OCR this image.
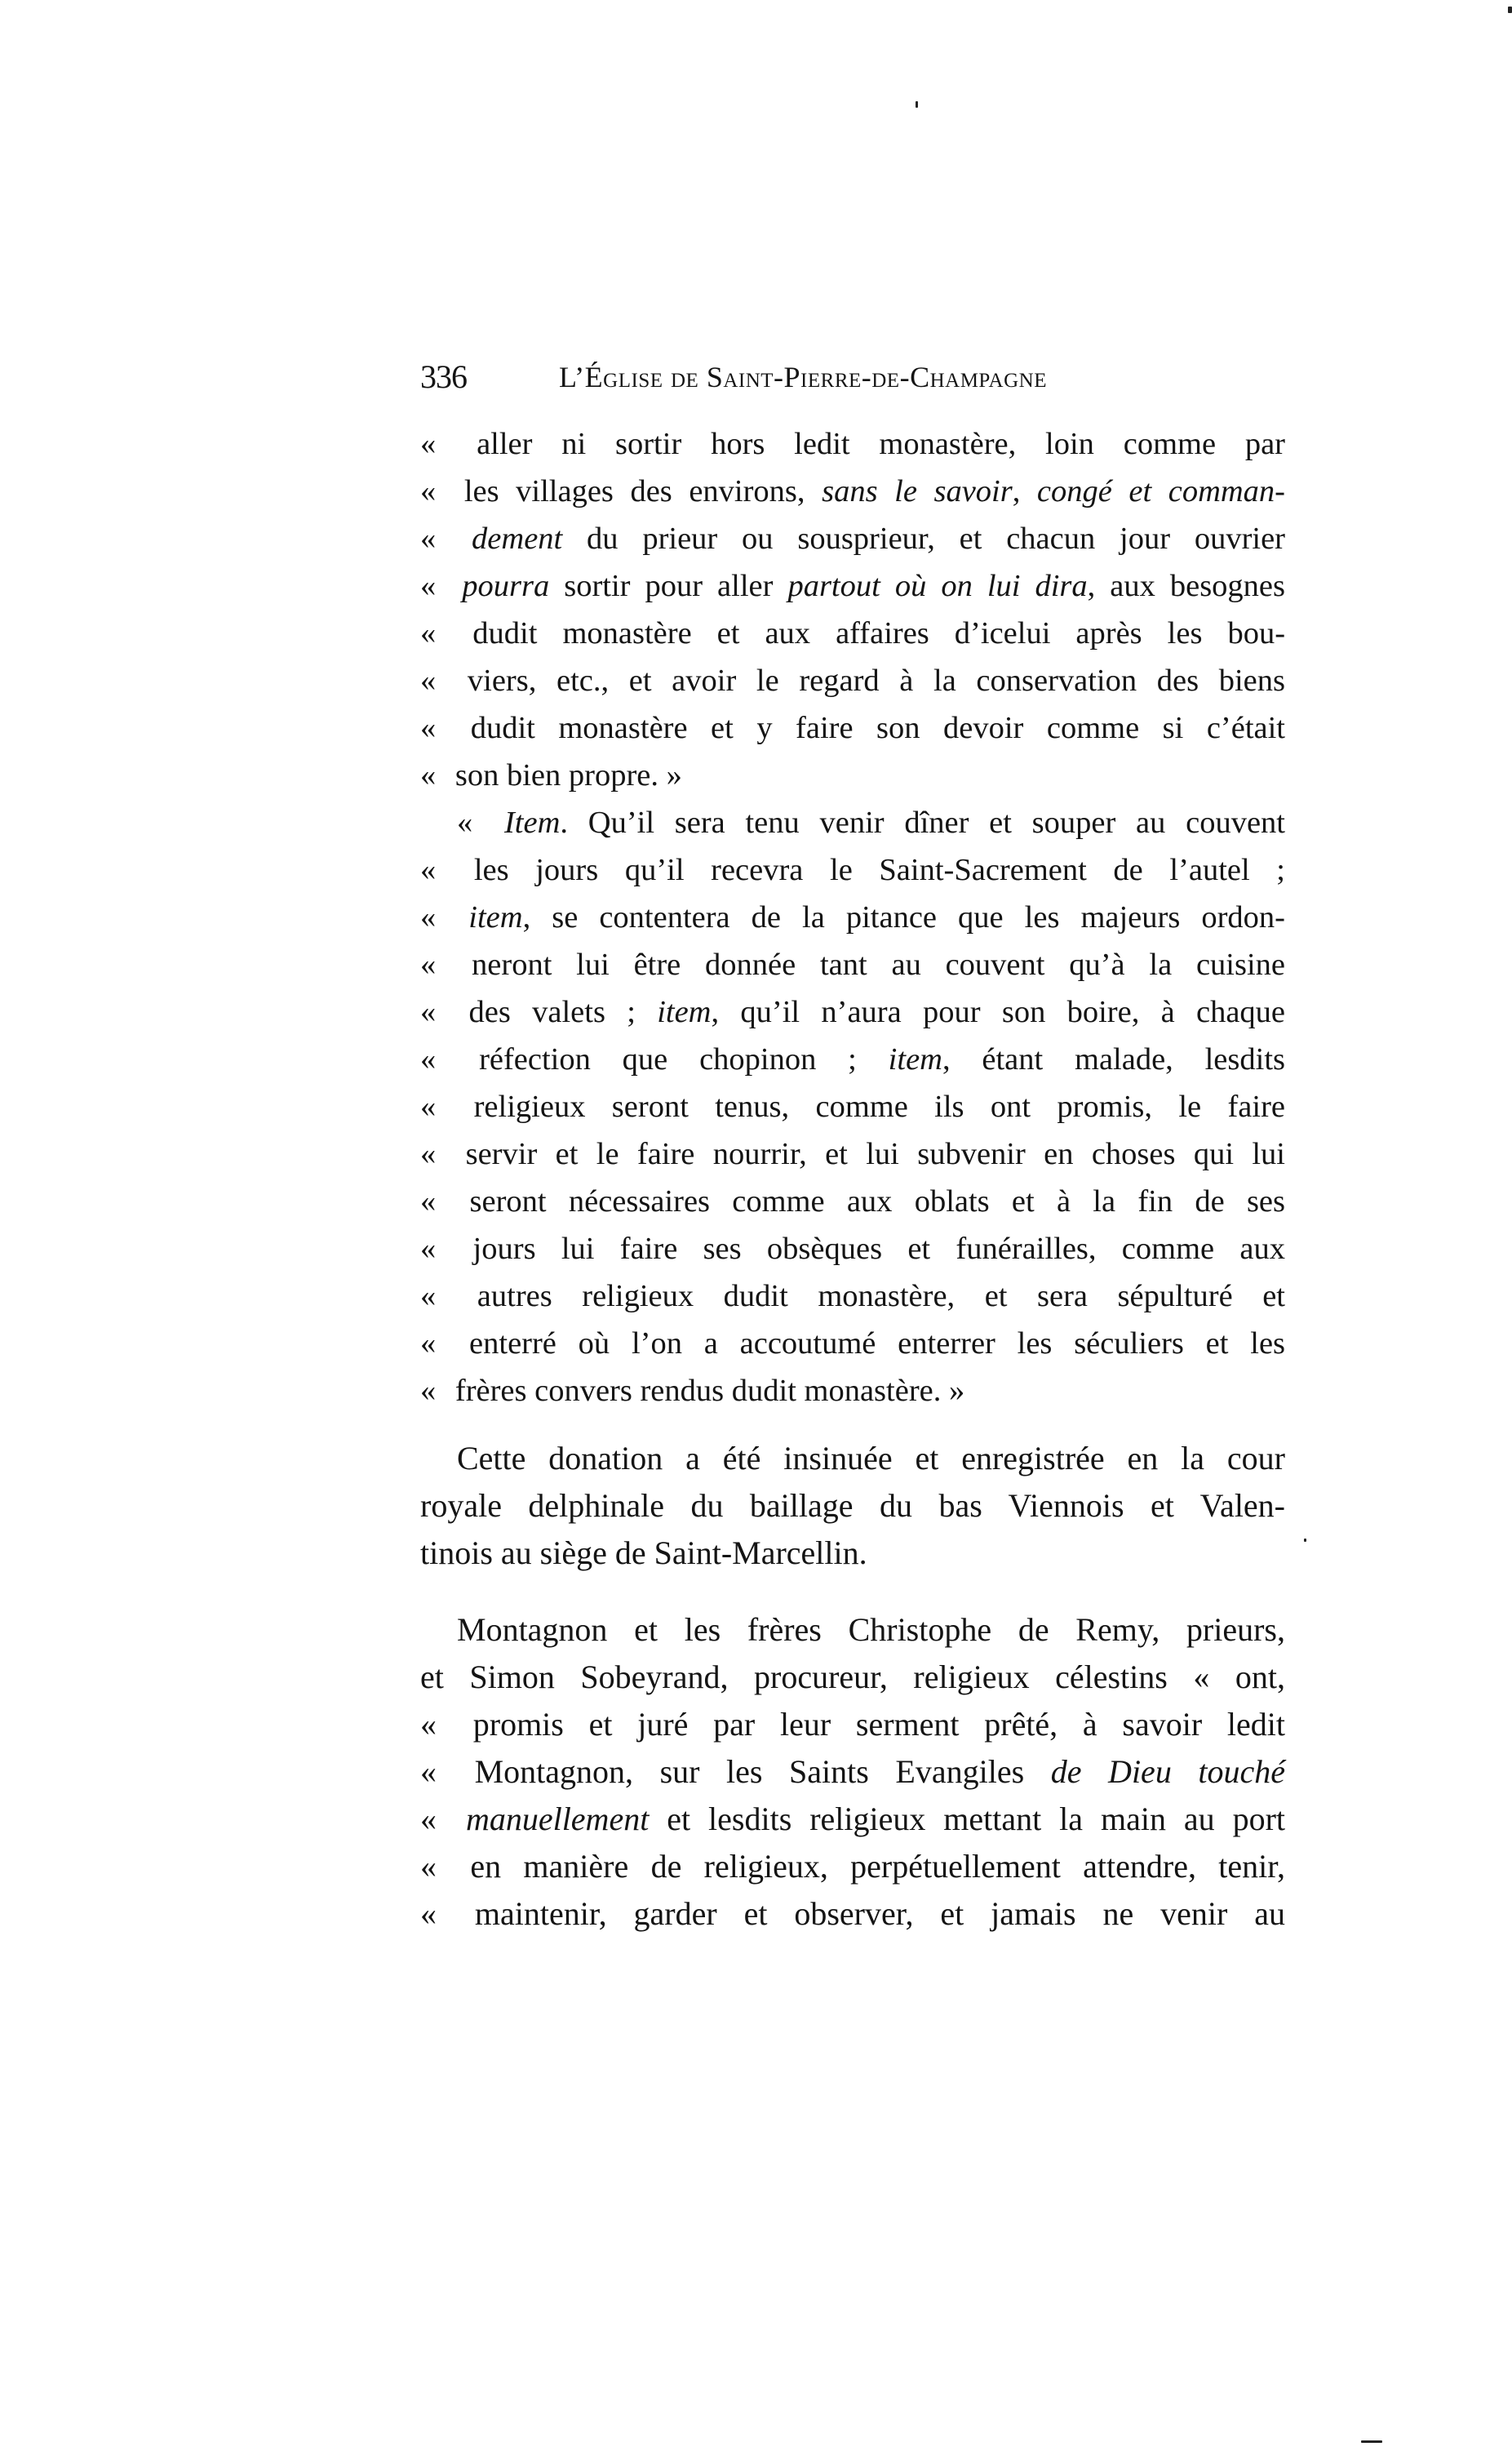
336	L’Église de Saint-Pierre-de-Champagne
« aller ni sortir hors ledit monastère, loin comme par
« les villages des environs, sans le savoir, congé et comman-
« dement du prieur ou sousprieur, et chacun jour ouvrier
« pourra sortir pour aller partout où on lui dira, aux besognes
« dudit monastère et aux affaires d’icelui après les bou-
« viers, etc., et avoir le regard à la conservation des biens
« dudit monastère et y faire son devoir comme si c’était
« son bien propre. »
« Item. Qu’il sera tenu venir dîner et souper au couvent
« les jours qu’il recevra le Saint-Sacrement de l’autel ;
« item, se contentera de la pitance que les majeurs ordon-
« neront lui être donnée tant au couvent qu’à la cuisine
« des valets ; item, qu’il n’aura pour son boire, à chaque
« réfection que chopinon ; item, étant malade, lesdits
« religieux seront tenus, comme ils ont promis, le faire
« servir et le faire nourrir, et lui subvenir en choses qui lui
« seront nécessaires comme aux oblats et à la fin de ses
« jours lui faire ses obsèques et funérailles, comme aux
« autres religieux dudit monastère, et sera sépulturé et
« enterré où l’on a accoutumé enterrer les séculiers et les
« frères convers rendus dudit monastère. »
Cette donation a été insinuée et enregistrée en la cour
royale delphinale du baillage du bas Viennois et Valen-
tinois au siège de Saint-Marcellin.
Montagnon et les frères Christophe de Remy, prieurs,
et Simon Sobeyrand, procureur, religieux célestins « ont,
« promis et juré par leur serment prêté, à savoir ledit
« Montagnon, sur les Saints Evangiles de Dieu touché
« manuellement et lesdits religieux mettant la main au port
« en manière de religieux, perpétuellement attendre, tenir,
« maintenir, garder et observer, et jamais ne venir au
